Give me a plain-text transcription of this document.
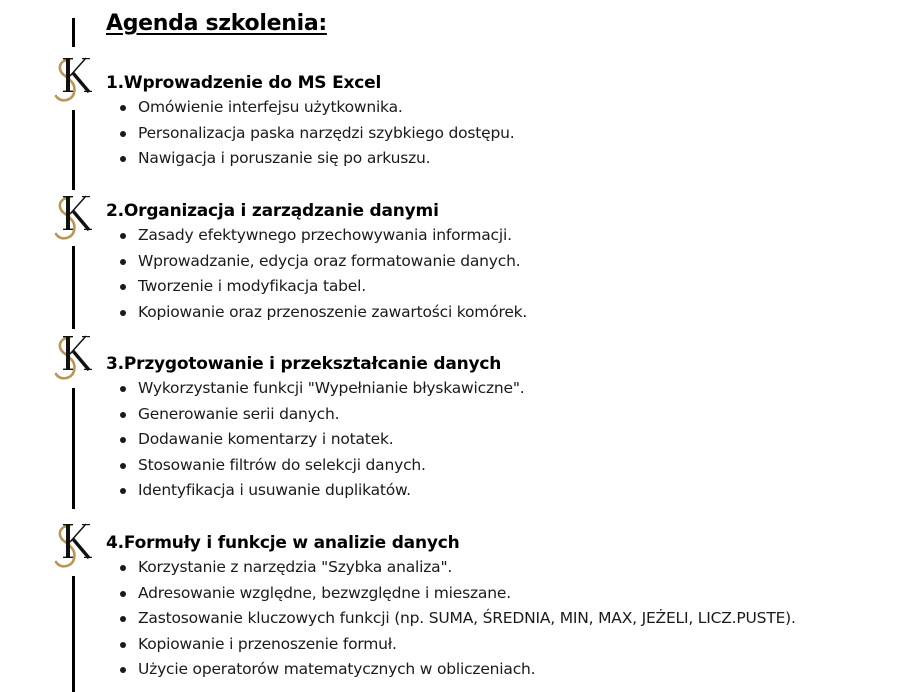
Agenda szkolenia:
1.Wprowadzenie do MS Excel
Omówienie interfejsu użytkownika.
Personalizacja paska narzędzi szybkiego dostępu.
Nawigacja i poruszanie się po arkuszu.
2.Organizacja i zarządzanie danymi
Zasady efektywnego przechowywania informacji.
Wprowadzanie, edycja oraz formatowanie danych.
Tworzenie i modyfikacja tabel.
Kopiowanie oraz przenoszenie zawartości komórek.
3.Przygotowanie i przekształcanie danych
Wykorzystanie funkcji "Wypełnianie błyskawiczne".
Generowanie serii danych.
Dodawanie komentarzy i notatek.
Stosowanie filtrów do selekcji danych.
Identyfikacja i usuwanie duplikatów.
4.Formuły i funkcje w analizie danych
Korzystanie z narzędzia "Szybka analiza".
Adresowanie względne, bezwzględne i mieszane.
Zastosowanie kluczowych funkcji (np. SUMA, ŚREDNIA, MIN, MAX, JEŻELI, LICZ.PUSTE).
Kopiowanie i przenoszenie formuł.
Użycie operatorów matematycznych w obliczeniach.
